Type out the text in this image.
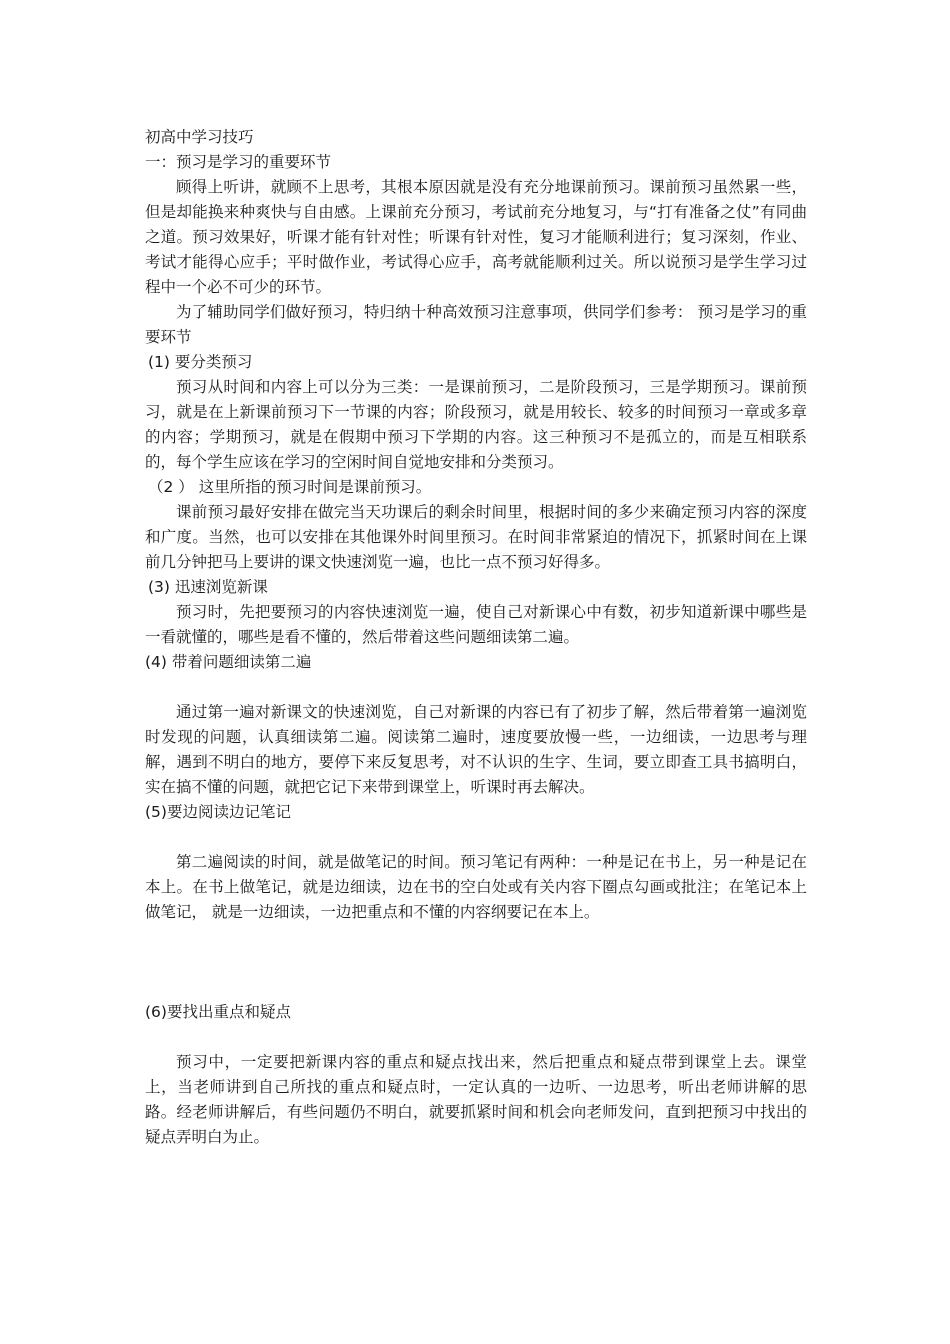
初高中学习技巧
一：预习是学习的重要环节

顾得上听讲，就顾不上思考，其根本原因就是没有充分地课前预习。课前预习虽然累一些，但是却能换来种爽快与自由感。上课前充分预习，考试前充分地复习，与“打有准备之仗”有同曲之道。预习效果好，听课才能有针对性；听课有针对性，复习才能顺利进行；复习深刻，作业、考试才能得心应手；平时做作业，考试得心应手，高考就能顺利过关。所以说预习是学生学习过程中一个必不可少的环节。

为了辅助同学们做好预习，特归纳十种高效预习注意事项，供同学们参考： 预习是学习的重要环节

(1) 要分类预习

预习从时间和内容上可以分为三类：一是课前预习，二是阶段预习，三是学期预习。课前预习，就是在上新课前预习下一节课的内容；阶段预习，就是用较长、较多的时间预习一章或多章的内容；学期预习，就是在假期中预习下学期的内容。这三种预习不是孤立的，而是互相联系的，每个学生应该在学习的空闲时间自觉地安排和分类预习。

（2 ） 这里所指的预习时间是课前预习。

课前预习最好安排在做完当天功课后的剩余时间里，根据时间的多少来确定预习内容的深度和广度。当然，也可以安排在其他课外时间里预习。在时间非常紧迫的情况下，抓紧时间在上课前几分钟把马上要讲的课文快速浏览一遍，也比一点不预习好得多。

(3) 迅速浏览新课

预习时，先把要预习的内容快速浏览一遍，使自己对新课心中有数，初步知道新课中哪些是一看就懂的，哪些是看不懂的，然后带着这些问题细读第二遍。

(4) 带着问题细读第二遍

通过第一遍对新课文的快速浏览，自己对新课的内容已有了初步了解，然后带着第一遍浏览时发现的问题，认真细读第二遍。阅读第二遍时，速度要放慢一些，一边细读，一边思考与理解，遇到不明白的地方，要停下来反复思考，对不认识的生字、生词，要立即查工具书搞明白，实在搞不懂的问题，就把它记下来带到课堂上，听课时再去解决。

(5)要边阅读边记笔记

第二遍阅读的时间，就是做笔记的时间。预习笔记有两种：一种是记在书上，另一种是记在本上。在书上做笔记，就是边细读，边在书的空白处或有关内容下圈点勾画或批注；在笔记本上做笔记， 就是一边细读，一边把重点和不懂的内容纲要记在本上。

(6)要找出重点和疑点

预习中，一定要把新课内容的重点和疑点找出来，然后把重点和疑点带到课堂上去。课堂上，当老师讲到自己所找的重点和疑点时，一定认真的一边听、一边思考，听出老师讲解的思路。经老师讲解后，有些问题仍不明白，就要抓紧时间和机会向老师发问，直到把预习中找出的疑点弄明白为止。
